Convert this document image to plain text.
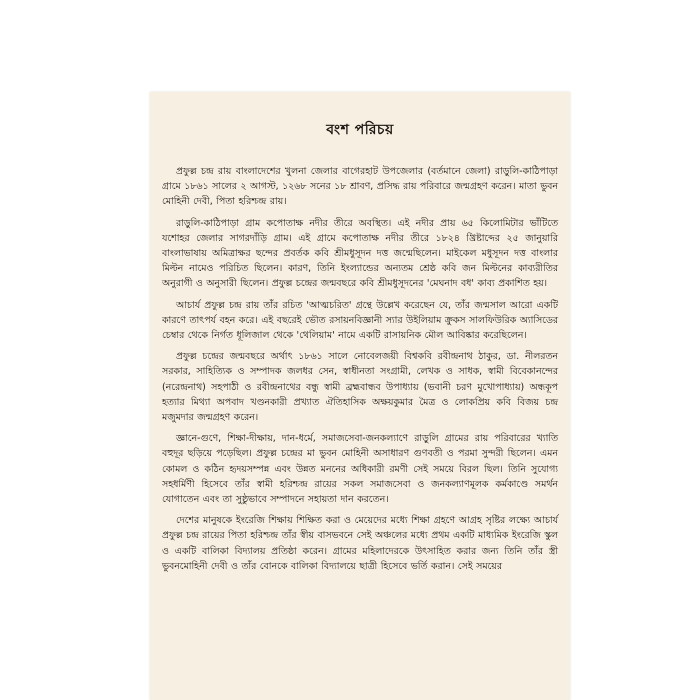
বংশ পরিচয়

প্রফুল্ল চন্দ্র রায় বাংলাদেশের খুলনা জেলার বাগেরহাট উপজেলার (বর্তমানে জেলা) রাড়ুলি-কাঠিপাড়া গ্রামে ১৮৬১ সালের ২ আগস্ট, ১২৬৮ সনের ১৮ শ্রাবণ, প্রসিদ্ধ রায় পরিবারে জন্মগ্রহণ করেন। মাতা ভুবন মোহিনী দেবী, পিতা হরিশ্চন্দ্র রায়।

রাড়ুলি-কাঠিপাড়া গ্রাম কপোতাক্ষ নদীর তীরে অবস্থিত। এই নদীর প্রায় ৬৫ কিলোমিটার ভাঁটিতে যশোহর জেলার সাগরদাঁড়ি গ্রাম। এই গ্রামে কপোতাক্ষ নদীর তীরে ১৮২৪ খ্রিষ্টাব্দের ২৫ জানুয়ারি বাংলাভাষায় অমিত্রাক্ষর ছন্দের প্রবর্তক কবি শ্রীমধুসূদন দত্ত জন্মেছিলেন। মাইকেল মধুসূদন দত্ত বাংলার মিল্টন নামেও পরিচিত ছিলেন। কারণ, তিনি ইংল্যান্ডের অন্যতম শ্রেষ্ঠ কবি জন মিল্টনের কাব্যরীতির অনুরাগী ও অনুসারী ছিলেন। প্রফুল্ল চন্দ্রের জন্মবছরে কবি শ্রীমধুসূদনের 'মেঘনাদ বধ' কাব্য প্রকাশিত হয়।

আচার্য প্রফুল্ল চন্দ্র রায় তাঁর রচিত 'আত্মচরিত' গ্রন্থে উল্লেখ করেছেন যে, তাঁর জন্মসাল আরো একটি কারণে তাৎপর্য বহন করে। এই বছরেই ভৌত রসায়নবিজ্ঞানী স্যার উইলিয়াম ক্রুকস সালফিউরিক অ্যাসিডের চেম্বার থেকে নির্গত ধূলিজাল থেকে 'থেলিয়াম' নামে একটি রাসায়নিক মৌল আবিষ্কার করেছিলেন।

প্রফুল্ল চন্দ্রের জন্মবছরে অর্থাৎ ১৮৬১ সালে নোবেলজয়ী বিশ্বকবি রবীন্দ্রনাথ ঠাকুর, ডা. নীলরতন সরকার, সাহিত্যিক ও সম্পাদক জলধর সেন, স্বাধীনতা সংগ্রামী, লেখক ও সাধক, স্বামী বিবেকানন্দের (নরেন্দ্রনাথ) সহপাঠী ও রবীন্দ্রনাথের বন্ধু স্বামী ব্রহ্মবান্ধব উপাধ্যায় (ভবানী চরণ মুখোপাধ্যায়) অন্ধকূপ হত্যার মিথ্যা অপবাদ খণ্ডনকারী প্রখ্যাত ঐতিহাসিক অক্ষয়কুমার মৈত্র ও লোকপ্রিয় কবি বিজয় চন্দ্র মজুমদার জন্মগ্রহণ করেন।

জ্ঞানে-গুণে, শিক্ষা-দীক্ষায়, দান-ধর্মে, সমাজসেবা-জনকল্যাণে রাড়ুলি গ্রামের রায় পরিবারের খ্যাতি বহুদূর ছড়িয়ে পড়েছিল। প্রফুল্ল চন্দ্রের মা ভুবন মোহিনী অসাধারণ গুণবতী ও পরমা সুন্দরী ছিলেন। এমন কোমল ও কঠিন হৃদয়সম্পন্ন এবং উন্নত মননের অধিকারী রমণী সেই সময়ে বিরল ছিল। তিনি সুযোগ্য সহধর্মিণী হিসেবে তাঁর স্বামী হরিশ্চন্দ্র রায়ের সকল সমাজসেবা ও জনকল্যাণমূলক কর্মকাণ্ডে সমর্থন যোগাতেন এবং তা সুষ্ঠুভাবে সম্পাদনে সহায়তা দান করতেন।

দেশের মানুষকে ইংরেজি শিক্ষায় শিক্ষিত করা ও মেয়েদের মধ্যে শিক্ষা গ্রহণে আগ্রহ সৃষ্টির লক্ষ্যে আচার্য প্রফুল্ল চন্দ্র রায়ের পিতা হরিশ্চন্দ্র তাঁর স্বীয় বাসভবনে সেই অঞ্চলের মধ্যে প্রথম একটি মাধ্যমিক ইংরেজি স্কুল ও একটি বালিকা বিদ্যালয় প্রতিষ্ঠা করেন। গ্রামের মহিলাদেরকে উৎসাহিত করার জন্য তিনি তাঁর স্ত্রী ভুবনমোহিনী দেবী ও তাঁর বোনকে বালিকা বিদ্যালয়ে ছাত্রী হিসেবে ভর্তি করান। সেই সময়ের
